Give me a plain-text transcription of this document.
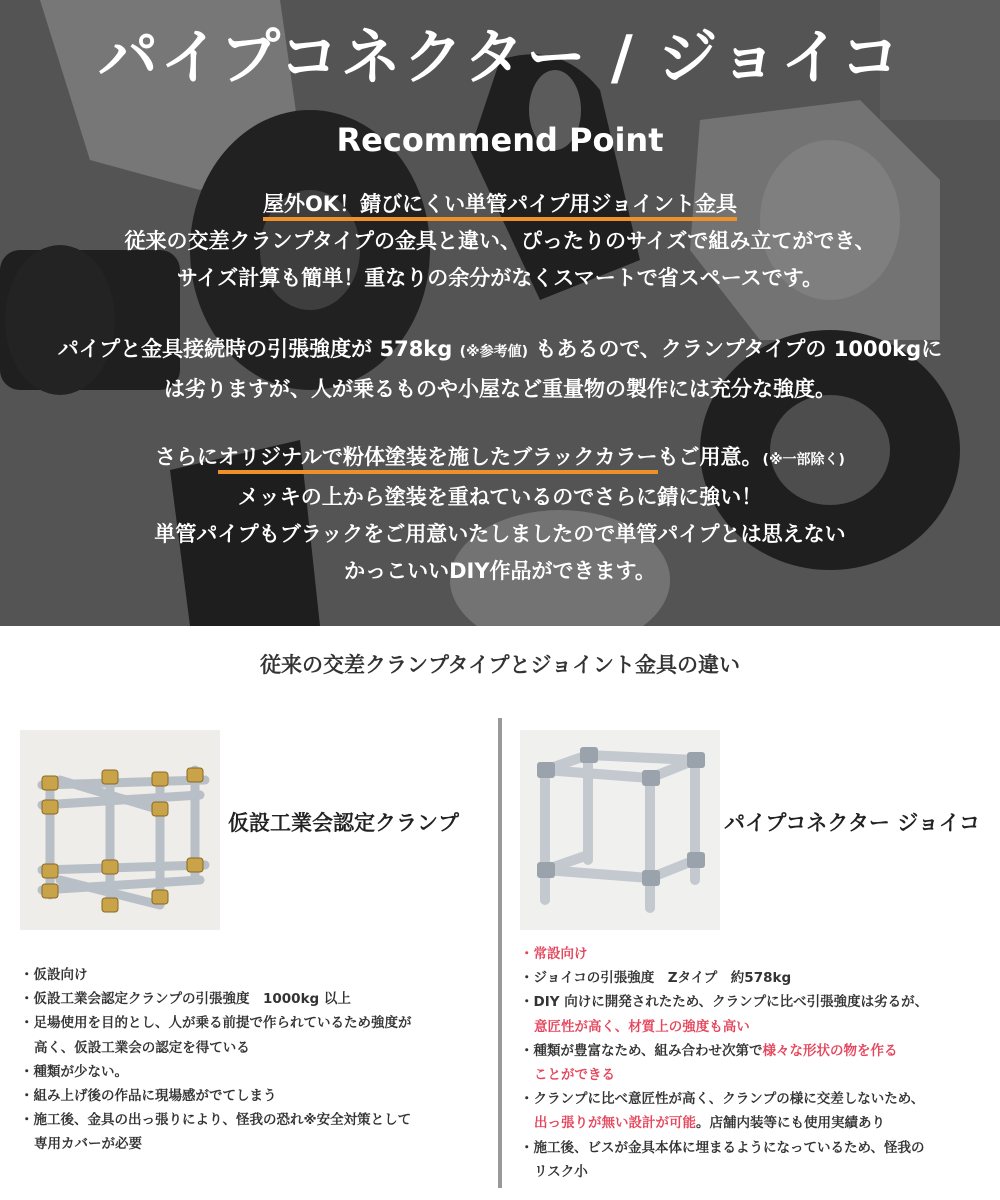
パイプコネクター / ジョイコ
Recommend Point
屋外OK！錆びにくい単管パイプ用ジョイント金具
従来の交差クランプタイプの金具と違い、ぴったりのサイズで組み立てができ、
サイズ計算も簡単！重なりの余分がなくスマートで省スペースです。
パイプと金具接続時の引張強度が 578kg (※参考値) もあるので、クランプタイプの 1000kgに
は劣りますが、人が乗るものや小屋など重量物の製作には充分な強度。
さらにオリジナルで粉体塗装を施したブラックカラーもご用意。(※一部除く)
メッキの上から塗装を重ねているのでさらに錆に強い！
単管パイプもブラックをご用意いたしましたので単管パイプとは思えない
かっこいいDIY作品ができます。
従来の交差クランプタイプとジョイント金具の違い
仮設工業会認定クランプ
・仮設向け
・仮設工業会認定クランプの引張強度　1000kg 以上
・足場使用を目的とし、人が乗る前提で作られているため強度が
高く、仮設工業会の認定を得ている
・種類が少ない。
・組み上げ後の作品に現場感がでてしまう
・施工後、金具の出っ張りにより、怪我の恐れ※安全対策として
専用カバーが必要
パイプコネクター ジョイコ
・常設向け
・ジョイコの引張強度　Zタイプ　約578kg
・DIY 向けに開発されたため、クランプに比べ引張強度は劣るが、
意匠性が高く、材質上の強度も高い
・種類が豊富なため、組み合わせ次第で様々な形状の物を作る
ことができる
・クランプに比べ意匠性が高く、クランプの様に交差しないため、
出っ張りが無い設計が可能。店舗内装等にも使用実績あり
・施工後、ビスが金具本体に埋まるようになっているため、怪我の
リスク小
